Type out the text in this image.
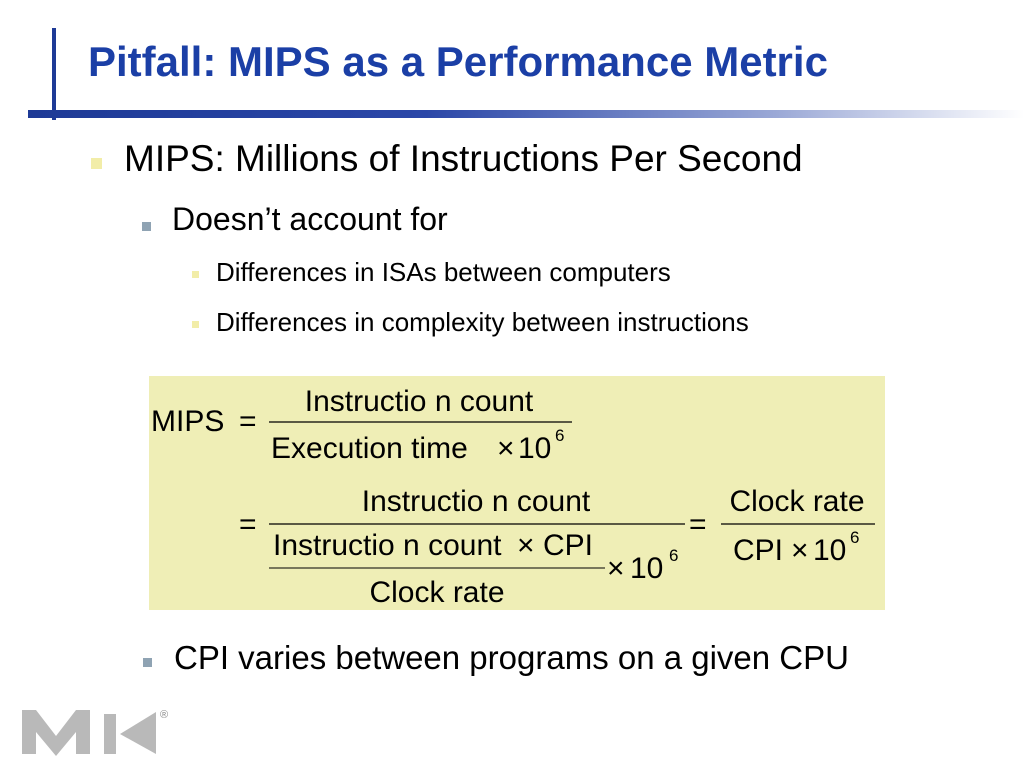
Pitfall: MIPS as a Performance Metric
MIPS: Millions of Instructions Per Second
Doesn’t account for
Differences in ISAs between computers
Differences in complexity between instructions
MIPS =
Instructio n count
Execution time × 10 6
=
Instructio n count
Instructio n count × CPI
Clock rate
× 10 6
=
Clock rate
CPI × 10 6
CPI varies between programs on a given CPU
®
